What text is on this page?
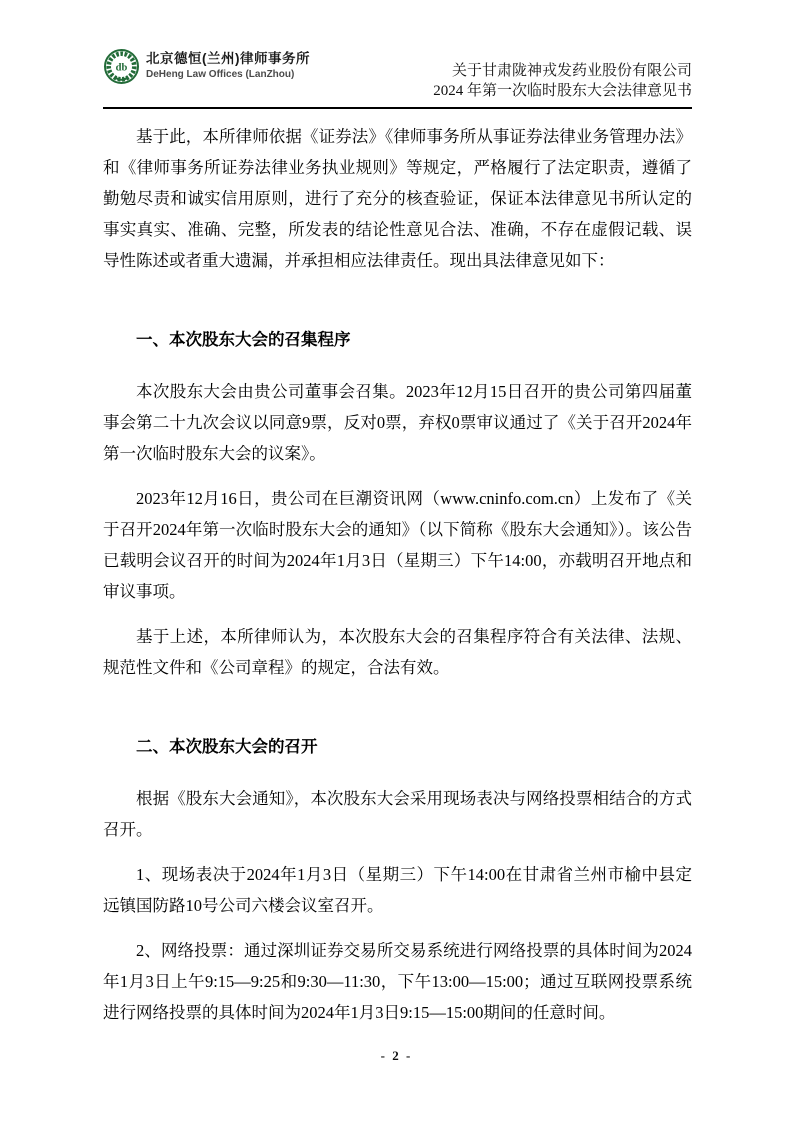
db
北京德恒(兰州)律师事务所
DeHeng Law Offices (LanZhou)	关于甘肃陇神戎发药业股份有限公司
2024 年第一次临时股东大会法律意见书

基于此，本所律师依据《证券法》《律师事务所从事证券法律业务管理办法》和《律师事务所证券法律业务执业规则》等规定，严格履行了法定职责，遵循了勤勉尽责和诚实信用原则，进行了充分的核查验证，保证本法律意见书所认定的事实真实、准确、完整，所发表的结论性意见合法、准确，不存在虚假记载、误导性陈述或者重大遗漏，并承担相应法律责任。现出具法律意见如下：

一、本次股东大会的召集程序

本次股东大会由贵公司董事会召集。2023年12月15日召开的贵公司第四届董事会第二十九次会议以同意9票，反对0票，弃权0票审议通过了《关于召开2024年第一次临时股东大会的议案》。

2023年12月16日，贵公司在巨潮资讯网（www.cninfo.com.cn）上发布了《关于召开2024年第一次临时股东大会的通知》（以下简称《股东大会通知》）。该公告已载明会议召开的时间为2024年1月3日（星期三）下午14:00，亦载明召开地点和审议事项。

基于上述，本所律师认为，本次股东大会的召集程序符合有关法律、法规、规范性文件和《公司章程》的规定，合法有效。

二、本次股东大会的召开

根据《股东大会通知》，本次股东大会采用现场表决与网络投票相结合的方式召开。

1、现场表决于2024年1月3日（星期三）下午14:00在甘肃省兰州市榆中县定远镇国防路10号公司六楼会议室召开。

2、网络投票：通过深圳证券交易所交易系统进行网络投票的具体时间为2024年1月3日上午9:15—9:25和9:30—11:30，下午13:00—15:00；通过互联网投票系统进行网络投票的具体时间为2024年1月3日9:15—15:00期间的任意时间。

- 2 -
